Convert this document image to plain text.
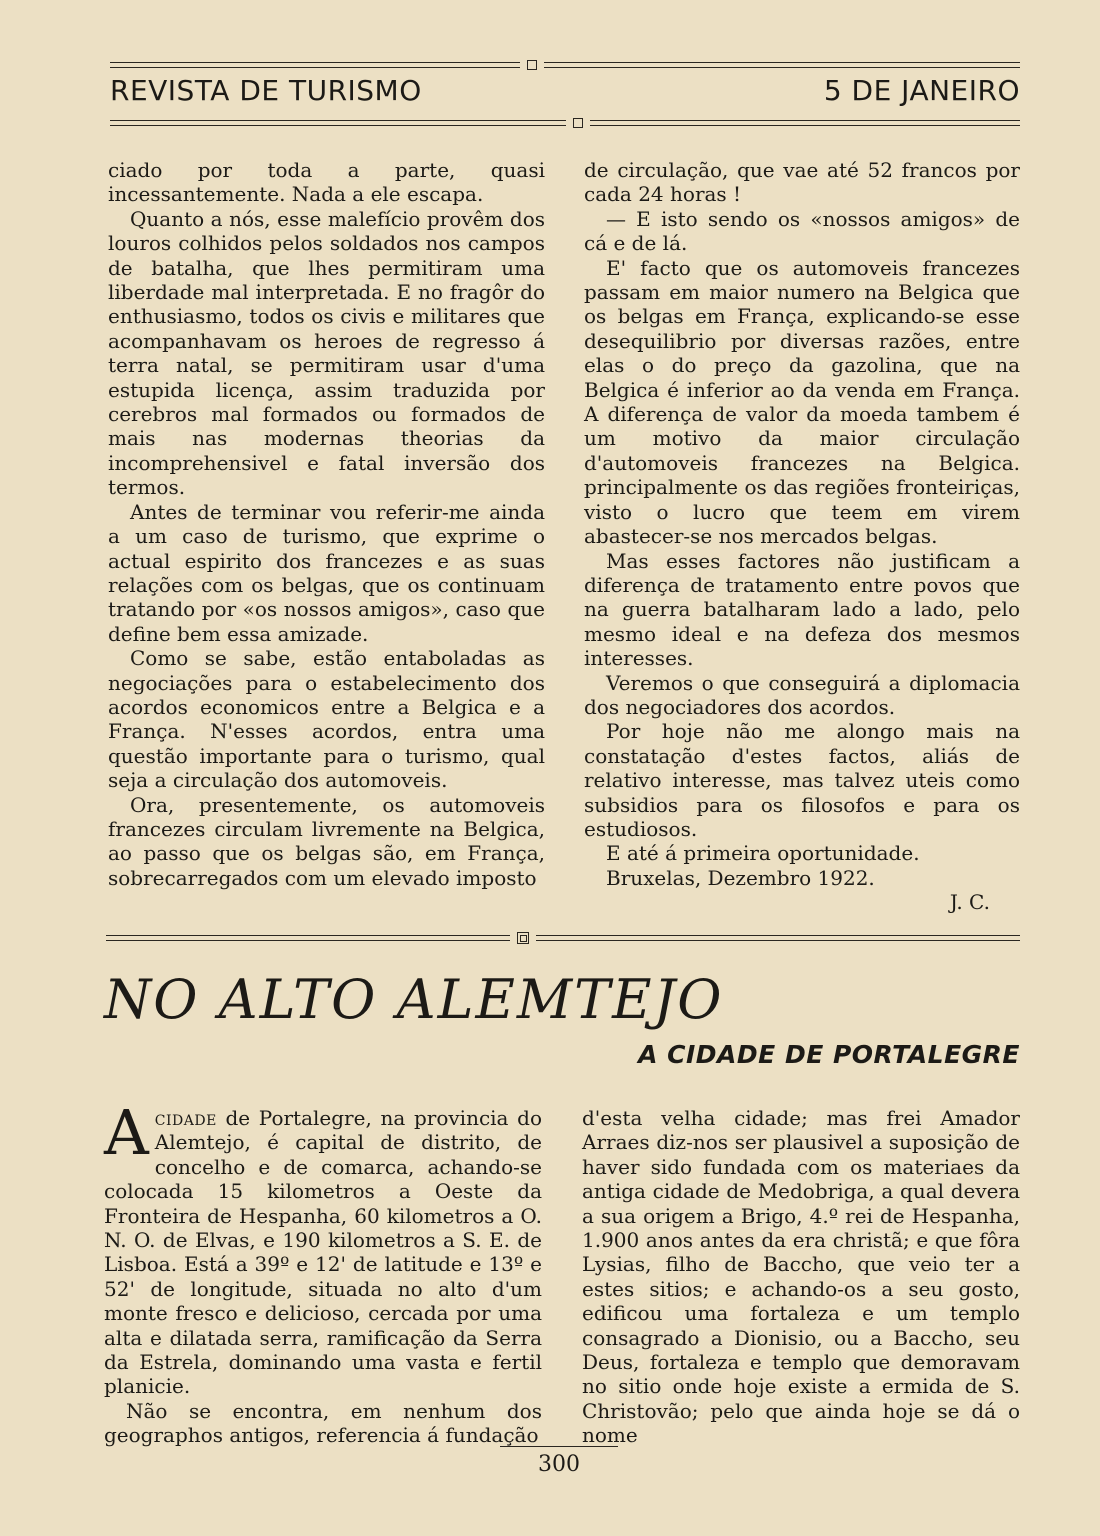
REVISTA DE TURISMO	5 DE JANEIRO

ciado por toda a parte, quasi incessantemente. Nada a ele escapa.

Quanto a nós, esse malefício provêm dos louros colhidos pelos soldados nos campos de batalha, que lhes permitiram uma liberdade mal interpretada. E no fragôr do enthusiasmo, todos os civis e militares que acompanhavam os heroes de regresso á terra natal, se permitiram usar d'uma estupida licença, assim traduzida por cerebros mal formados ou formados de mais nas modernas theorias da incomprehensivel e fatal inversão dos termos.

Antes de terminar vou referir-me ainda a um caso de turismo, que exprime o actual espirito dos francezes e as suas relações com os belgas, que os continuam tratando por «os nossos amigos», caso que define bem essa amizade.

Como se sabe, estão entaboladas as negociações para o estabelecimento dos acordos economicos entre a Belgica e a França. N'esses acordos, entra uma questão importante para o turismo, qual seja a circulação dos automoveis.

Ora, presentemente, os automoveis francezes circulam livremente na Belgica, ao passo que os belgas são, em França, sobrecarregados com um elevado imposto

de circulação, que vae até 52 francos por cada 24 horas !

— E isto sendo os «nossos amigos» de cá e de lá.

E' facto que os automoveis francezes passam em maior numero na Belgica que os belgas em França, explicando-se esse desequilibrio por diversas razões, entre elas o do preço da gazolina, que na Belgica é inferior ao da venda em França. A diferença de valor da moeda tambem é um motivo da maior circulação d'automoveis francezes na Belgica. principalmente os das regiões fronteiriças, visto o lucro que teem em virem abastecer-se nos mercados belgas.

Mas esses factores não justificam a diferença de tratamento entre povos que na guerra batalharam lado a lado, pelo mesmo ideal e na defeza dos mesmos interesses.

Veremos o que conseguirá a diplomacia dos negociadores dos acordos.

Por hoje não me alongo mais na constatação d'estes factos, aliás de relativo interesse, mas talvez uteis como subsidios para os filosofos e para os estudiosos.

E até á primeira oportunidade.

Bruxelas, Dezembro 1922.

J. C.

NO ALTO ALEMTEJO
A CIDADE DE PORTALEGRE

Acidade de Portalegre, na provincia do Alemtejo, é capital de distrito, de concelho e de comarca, achando-se colocada 15 kilometros a Oeste da Fronteira de Hespanha, 60 kilometros a O. N. O. de Elvas, e 190 kilometros a S. E. de Lisboa. Está a 39º e 12' de latitude e 13º e 52' de longitude, situada no alto d'um monte fresco e delicioso, cercada por uma alta e dilatada serra, ramificação da Serra da Estrela, dominando uma vasta e fertil planicie.

Não se encontra, em nenhum dos geographos antigos, referencia á fundação

d'esta velha cidade; mas frei Amador Arraes diz-nos ser plausivel a suposição de haver sido fundada com os materiaes da antiga cidade de Medobriga, a qual devera a sua origem a Brigo, 4.º rei de Hespanha, 1.900 anos antes da era christã; e que fôra Lysias, filho de Baccho, que veio ter a estes sitios; e achando-os a seu gosto, edificou uma fortaleza e um templo consagrado a Dionisio, ou a Baccho, seu Deus, fortaleza e templo que demoravam no sitio onde hoje existe a ermida de S. Christovão; pelo que ainda hoje se dá o nome

300
